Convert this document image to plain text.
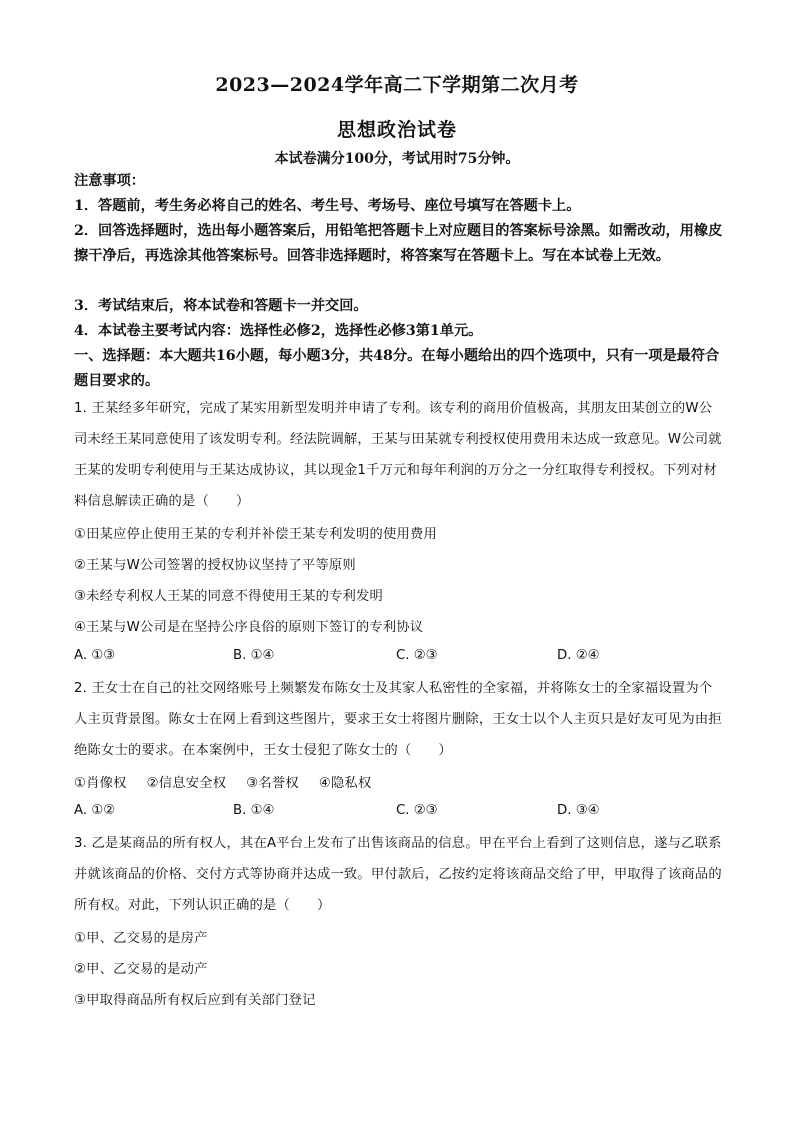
2023—2024学年高二下学期第二次月考
思想政治试卷
本试卷满分100分，考试用时75分钟。
注意事项：
1．答题前，考生务必将自己的姓名、考生号、考场号、座位号填写在答题卡上。
2．回答选择题时，选出每小题答案后，用铅笔把答题卡上对应题目的答案标号涂黑。如需改动，用橡皮擦干净后，再选涂其他答案标号。回答非选择题时，将答案写在答题卡上。写在本试卷上无效。
3．考试结束后，将本试卷和答题卡一并交回。
4．本试卷主要考试内容：选择性必修2，选择性必修3第1单元。
一、选择题：本大题共16小题，每小题3分，共48分。在每小题给出的四个选项中，只有一项是最符合题目要求的。
1. 王某经多年研究，完成了某实用新型发明并申请了专利。该专利的商用价值极高，其朋友田某创立的W公司未经王某同意使用了该发明专利。经法院调解，王某与田某就专利授权使用费用未达成一致意见。W公司就王某的发明专利使用与王某达成协议，其以现金1千万元和每年利润的万分之一分红取得专利授权。下列对材料信息解读正确的是（　　）
①田某应停止使用王某的专利并补偿王某专利发明的使用费用
②王某与W公司签署的授权协议坚持了平等原则
③未经专利权人王某的同意不得使用王某的专利发明
④王某与W公司是在坚持公序良俗的原则下签订的专利协议
A. ①③	B. ①④	C. ②③	D. ②④
2. 王女士在自己的社交网络账号上频繁发布陈女士及其家人私密性的全家福，并将陈女士的全家福设置为个人主页背景图。陈女士在网上看到这些图片，要求王女士将图片删除，王女士以个人主页只是好友可见为由拒绝陈女士的要求。在本案例中，王女士侵犯了陈女士的（　　）
①肖像权 ②信息安全权 ③名誉权 ④隐私权
A. ①②	B. ①④	C. ②③	D. ③④
3. 乙是某商品的所有权人，其在A平台上发布了出售该商品的信息。甲在平台上看到了这则信息，遂与乙联系并就该商品的价格、交付方式等协商并达成一致。甲付款后，乙按约定将该商品交给了甲，甲取得了该商品的所有权。对此，下列认识正确的是（　　）
①甲、乙交易的是房产
②甲、乙交易的是动产
③甲取得商品所有权后应到有关部门登记
